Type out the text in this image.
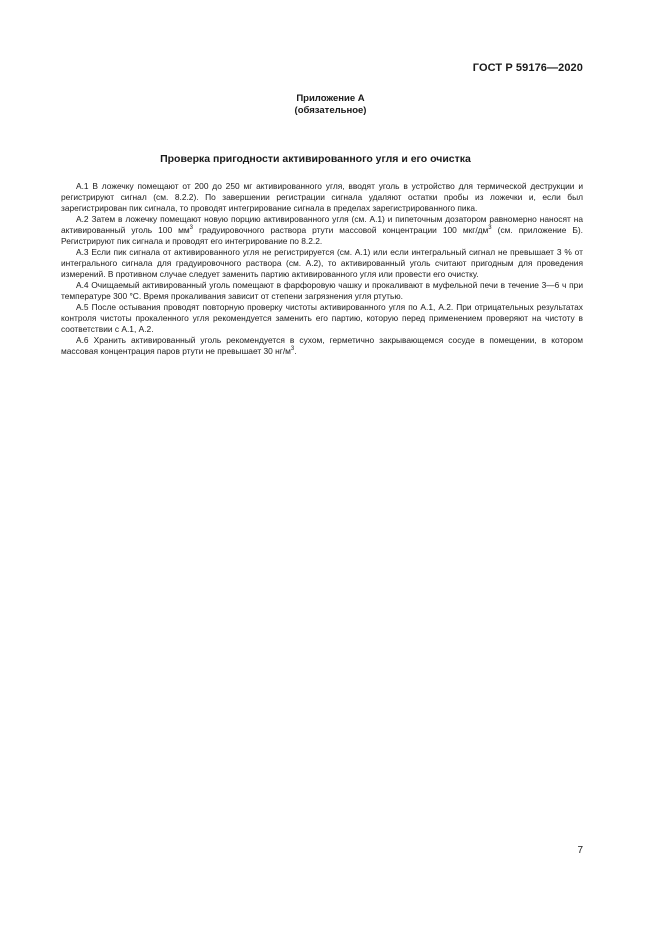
ГОСТ Р 59176—2020
Приложение А
(обязательное)
Проверка пригодности активированного угля и его очистка

А.1 В ложечку помещают от 200 до 250 мг активированного угля, вводят уголь в устройство для термической деструкции и регистрируют сигнал (см. 8.2.2). По завершении регистрации сигнала удаляют остатки пробы из ложечки и, если был зарегистрирован пик сигнала, то проводят интегрирование сигнала в пределах зарегистрированного пика.

А.2 Затем в ложечку помещают новую порцию активированного угля (см. А.1) и пипеточным дозатором равномерно наносят на активированный уголь 100 $мм^3$ градуировочного раствора ртути массовой концентрации 100 мкг/$дм^3$ (см. приложение Б). Регистрируют пик сигнала и проводят его интегрирование по 8.2.2.

А.3 Если пик сигнала от активированного угля не регистрируется (см. А.1) или если интегральный сигнал не превышает 3 % от интегрального сигнала для градуировочного раствора (см. А.2), то активированный уголь считают пригодным для проведения измерений. В противном случае следует заменить партию активированного угля или провести его очистку.

А.4 Очищаемый активированный уголь помещают в фарфоровую чашку и прокаливают в муфельной печи в течение 3—6 ч при температуре 300 °С. Время прокаливания зависит от степени загрязнения угля ртутью.

А.5 После остывания проводят повторную проверку чистоты активированного угля по А.1, А.2. При отрицательных результатах контроля чистоты прокаленного угля рекомендуется заменить его партию, которую перед применением проверяют на чистоту в соответствии с А.1, А.2.

А.6 Хранить активированный уголь рекомендуется в сухом, герметично закрывающемся сосуде в помещении, в котором массовая концентрация паров ртути не превышает 30 $нг/м^3$.

7
